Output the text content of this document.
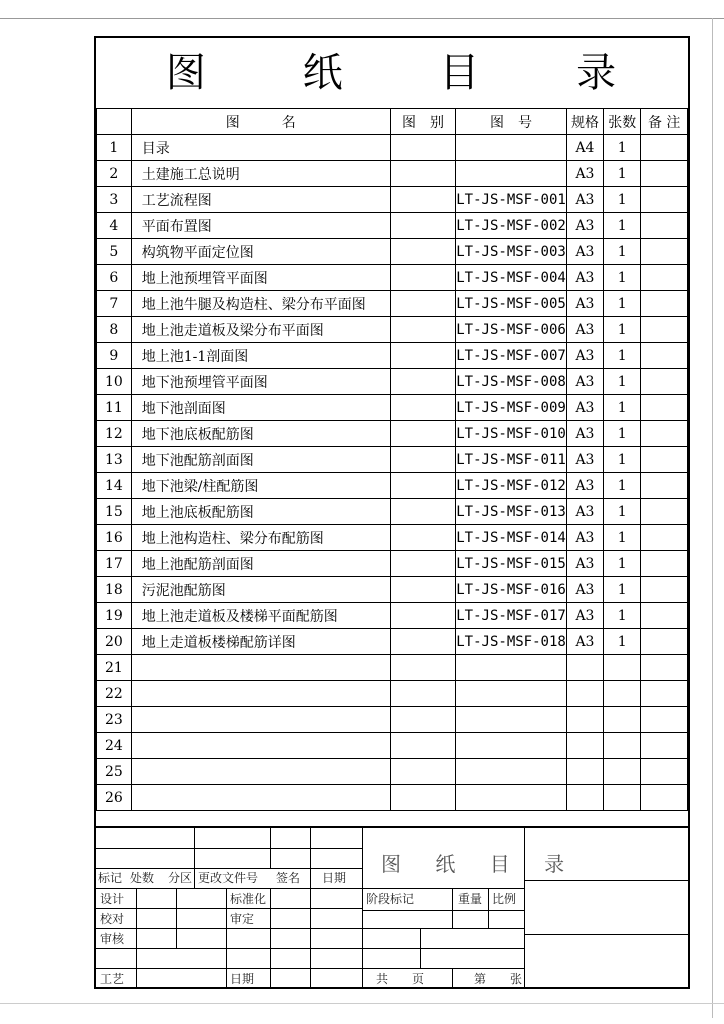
图 纸 目 录
	图　　　名	图　别	图　号	规格	张数	备 注
1	目录			A4	1	
2	土建施工总说明			A3	1	
3	工艺流程图		LT-JS-MSF-001	A3	1	
4	平面布置图		LT-JS-MSF-002	A3	1	
5	构筑物平面定位图		LT-JS-MSF-003	A3	1	
6	地上池预埋管平面图		LT-JS-MSF-004	A3	1	
7	地上池牛腿及构造柱、梁分布平面图		LT-JS-MSF-005	A3	1	
8	地上池走道板及梁分布平面图		LT-JS-MSF-006	A3	1	
9	地上池1-1剖面图		LT-JS-MSF-007	A3	1	
10	地下池预埋管平面图		LT-JS-MSF-008	A3	1	
11	地下池剖面图		LT-JS-MSF-009	A3	1	
12	地下池底板配筋图		LT-JS-MSF-010	A3	1	
13	地下池配筋剖面图		LT-JS-MSF-011	A3	1	
14	地下池梁/柱配筋图		LT-JS-MSF-012	A3	1	
15	地上池底板配筋图		LT-JS-MSF-013	A3	1	
16	地上池构造柱、梁分布配筋图		LT-JS-MSF-014	A3	1	
17	地上池配筋剖面图		LT-JS-MSF-015	A3	1	
18	污泥池配筋图		LT-JS-MSF-016	A3	1	
19	地上池走道板及楼梯平面配筋图		LT-JS-MSF-017	A3	1	
20	地上走道板楼梯配筋详图		LT-JS-MSF-018	A3	1	
21						
22						
23						
24						
25						
26						
图 纸 目 录
标记 处数 分区 更改文件号 签名 日期
设计
校对
审核
工艺
标准化
审定
日期
阶段标记	重量 比例
共　　页	第　　张
